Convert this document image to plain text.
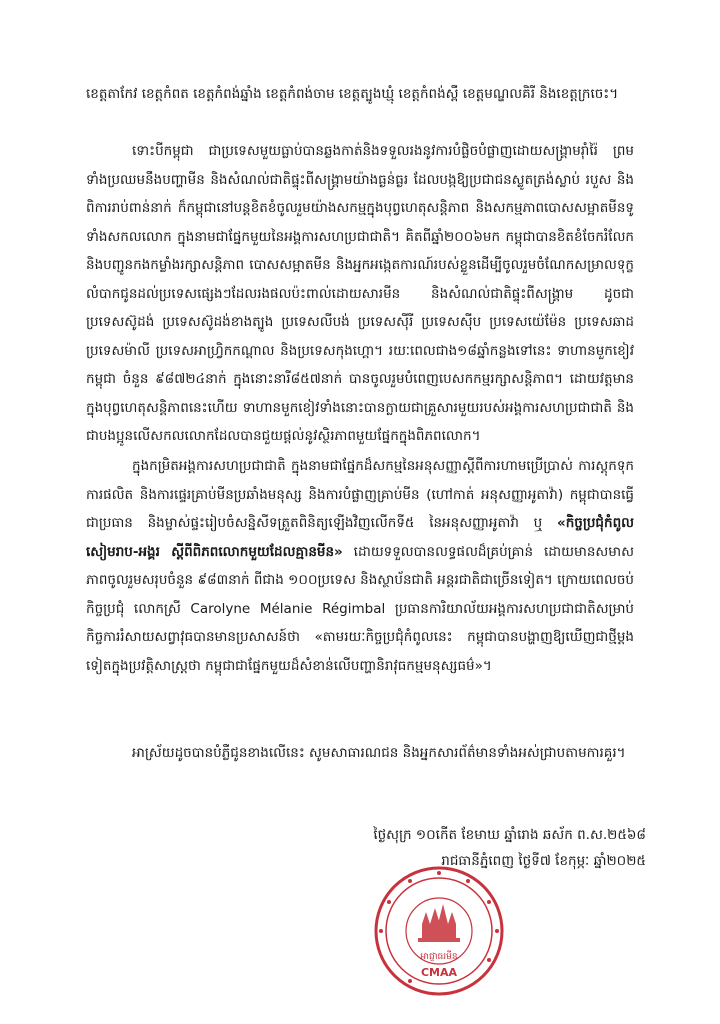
ខេត្តតាកែវ ខេត្តកំពត ខេត្តកំពង់ឆ្នាំង ខេត្តកំពង់ចាម ខេត្តត្បូងឃ្មុំ ខេត្តកំពង់ស្ពឺ ខេត្តមណ្ឌលគិរី និងខេត្តក្រចេះ។

ទោះបីកម្ពុជា ជាប្រទេសមួយធ្លាប់បានឆ្លងកាត់និងទទួលរងនូវការបំផ្លិចបំផ្លាញដោយសង្គ្រាមរ៉ាំរ៉ៃ ព្រមទាំងប្រឈមនឹងបញ្ហាមីន និងសំណល់ជាតិផ្ទុះពីសង្គ្រាមយ៉ាងធ្ងន់ធ្ងរ ដែលបង្កឱ្យប្រជាជនស្លូតត្រង់ស្លាប់ របួស និងពិការរាប់ពាន់នាក់ ក៏កម្ពុជានៅបន្តខិតខំចូលរួមយ៉ាងសកម្មក្នុងបុព្វហេតុសន្តិភាព និងសកម្មភាពបោសសម្អាតមីនទូទាំងសកលលោក ក្នុងនាមជាផ្នែកមួយនៃអង្គការសហប្រជាជាតិ។ គិតពីឆ្នាំ២០០៦មក កម្ពុជាបានខិតខំចែករំលែកនិងបញ្ជូនកងកម្លាំងរក្សាសន្តិភាព បោសសម្អាតមីន និងអ្នកអង្កេតការណ៍របស់ខ្លួនដើម្បីចូលរួមចំណែកសម្រាលទុក្ខលំបាកជូនដល់ប្រទេសផ្សេងៗដែលរងផលប៉ះពាល់ដោយសារមីន និងសំណល់ជាតិផ្ទុះពីសង្គ្រាម ដូចជាប្រទេសស៊ូដង់ ប្រទេសស៊ូដង់ខាងត្បូង ប្រទេសលីបង់ ប្រទេសស៊ីរី ប្រទេសស៊ីប ប្រទេសយ៉េម៉ែន ប្រទេសឆាដ ប្រទេសម៉ាលី ប្រទេសអាហ្វ្រិកកណ្ដាល និងប្រទេសកុងហ្គោ។ រយៈពេលជាង១៨ឆ្នាំកន្លងទៅនេះ ទាហានមួកខៀវកម្ពុជា ចំនួន ៩៨៧២៤នាក់ ក្នុងនោះនារី៨៥៧នាក់ បានចូលរួមបំពេញបេសកកម្មរក្សាសន្តិភាព។ ដោយវត្តមានក្នុងបុព្វហេតុសន្តិភាពនេះហើយ ទាហានមួកខៀវទាំងនោះបានក្លាយជាគ្រួសារមួយរបស់អង្គការសហប្រជាជាតិ និងជាបងប្អូនលើសកលលោកដែលបានជួយផ្ដល់នូវស្ថិរភាពមួយផ្នែកក្នុងពិភពលោក។

ក្នុងកម្រិតអង្គការសហប្រជាជាតិ ក្នុងនាមជាផ្នែកដ៏សកម្មនៃអនុសញ្ញាស្ដីពីការហាមប្រើប្រាស់ ការស្តុកទុក ការផលិត និងការផ្ទេរគ្រាប់មីនប្រឆាំងមនុស្ស និងការបំផ្លាញគ្រាប់មីន (ហៅកាត់ អនុសញ្ញាអូតាវ៉ា) កម្ពុជាបានធ្វើជាប្រធាន និងម្ចាស់ផ្ទះរៀបចំសន្និសីទត្រួតពិនិត្យឡើងវិញលើកទី៥ នៃអនុសញ្ញាអូតាវ៉ា ឬ «កិច្ចប្រជុំកំពូលសៀមរាប-អង្គរ ស្ដីពីពិភពលោកមួយដែលគ្មានមីន» ដោយទទួលបានលទ្ធផលដ៏គ្រប់គ្រាន់ ដោយមានសមាសភាពចូលរួមសរុបចំនួន ៩៨៣នាក់ ពីជាង ១០០ប្រទេស និងស្ថាប័នជាតិ អន្តរជាតិជាច្រើនទៀត។ ក្រោយពេលចប់កិច្ចប្រជុំ លោកស្រី Carolyne Mélanie Régimbal ប្រធានការិយាល័យអង្គការសហប្រជាជាតិសម្រាប់កិច្ចការរំសាយសព្វាវុធបានមានប្រសាសន៍ថា «តាមរយៈកិច្ចប្រជុំកំពូលនេះ កម្ពុជាបានបង្ហាញឱ្យឃើញជាថ្មីម្ដងទៀតក្នុងប្រវត្តិសាស្ត្រថា កម្ពុជាជាផ្នែកមួយដ៏សំខាន់លើបញ្ហានិរាវុធកម្មមនុស្សធម៌»។

អាស្រ័យដូចបានបំភ្លឺជូនខាងលើនេះ សូមសាធារណជន និងអ្នកសារព័ត៌មានទាំងអស់ជ្រាបតាមការគួរ។

ថ្ងៃសុក្រ ១០កើត ខែមាឃ ឆ្នាំរោង ឆស័ក ព.ស.២៥៦៨
រាជធានីភ្នំពេញ ថ្ងៃទី៧ ខែកុម្ភៈ ឆ្នាំ២០២៥
អាជ្ញាធរមីន
CMAA
